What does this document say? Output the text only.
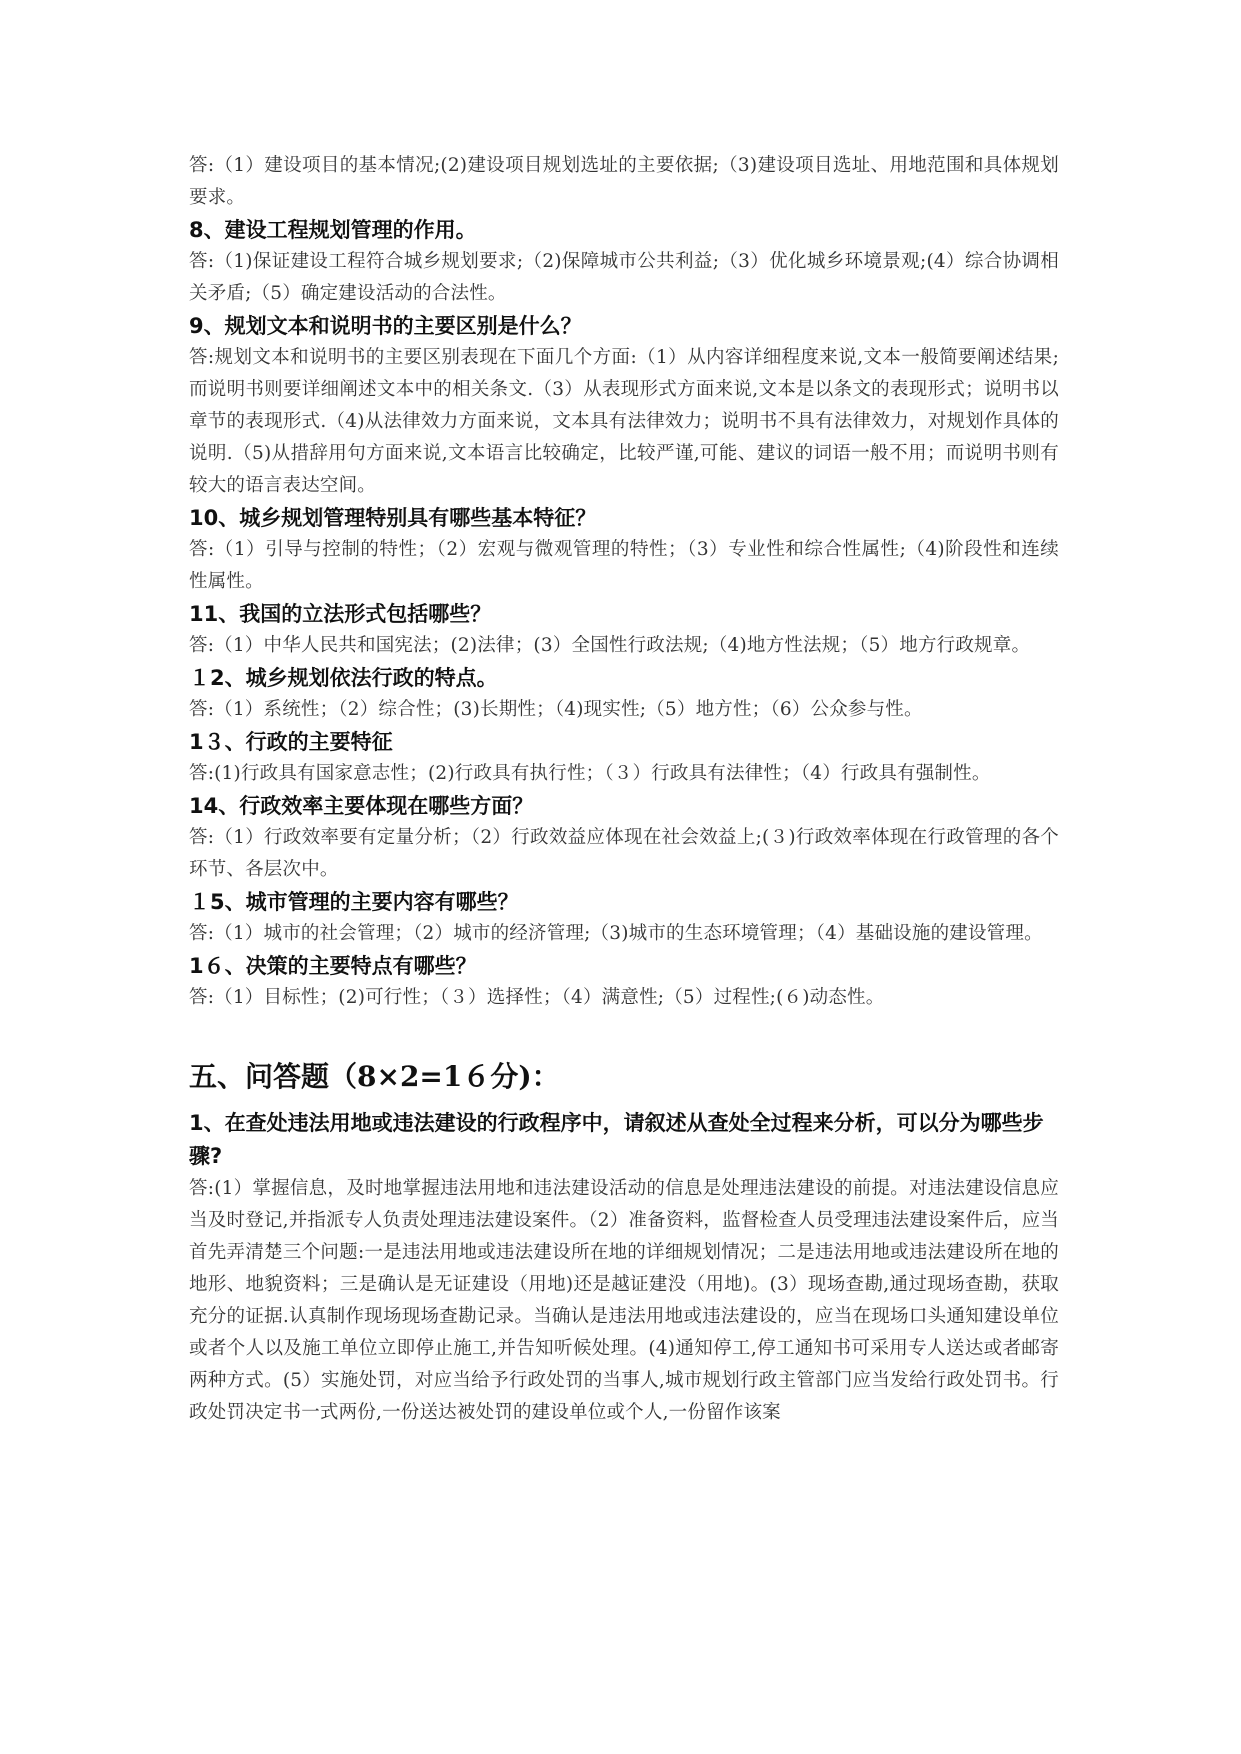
答:（1）建设项目的基本情况;(2)建设项目规划选址的主要依据;（3)建设项目选址、用地范围和具体规划要求。

8、建设工程规划管理的作用。

答:（1)保证建设工程符合城乡规划要求;（2)保障城市公共利益;（3）优化城乡环境景观;(4）综合协调相关矛盾;（5）确定建设活动的合法性。

9、规划文本和说明书的主要区别是什么？

答:规划文本和说明书的主要区别表现在下面几个方面:（1）从内容详细程度来说,文本一般简要阐述结果;而说明书则要详细阐述文本中的相关条文.（3）从表现形式方面来说,文本是以条文的表现形式；说明书以章节的表现形式.（4)从法律效力方面来说，文本具有法律效力；说明书不具有法律效力，对规划作具体的说明.（5)从措辞用句方面来说,文本语言比较确定，比较严谨,可能、建议的词语一般不用；而说明书则有较大的语言表达空间。

10、城乡规划管理特别具有哪些基本特征？

答:（1）引导与控制的特性；（2）宏观与微观管理的特性；（3）专业性和综合性属性;（4)阶段性和连续性属性。

11、我国的立法形式包括哪些？

答:（1）中华人民共和国宪法；(2)法律；(3）全国性行政法规;（4)地方性法规；（5）地方行政规章。

１2、城乡规划依法行政的特点。

答:（1）系统性；（2）综合性；(3)长期性；（4)现实性;（5）地方性；（6）公众参与性。

1３、行政的主要特征

答:(1)行政具有国家意志性；(2)行政具有执行性；（３）行政具有法律性；（4）行政具有强制性。

14、行政效率主要体现在哪些方面？

答:（1）行政效率要有定量分析；（2）行政效益应体现在社会效益上;(３)行政效率体现在行政管理的各个环节、各层次中。

１5、城市管理的主要内容有哪些？

答:（1）城市的社会管理；（2）城市的经济管理;（3)城市的生态环境管理；（4）基础设施的建设管理。

1６、决策的主要特点有哪些？

答:（1）目标性；(2)可行性；（３）选择性；（4）满意性;（5）过程性;(６)动态性。

五、问答题（8×2=1６分)：

1、在查处违法用地或违法建设的行政程序中，请叙述从查处全过程来分析，可以分为哪些步骤?

答:(1）掌握信息，及时地掌握违法用地和违法建设活动的信息是处理违法建设的前提。对违法建设信息应当及时登记,并指派专人负责处理违法建设案件。（2）准备资料，监督检查人员受理违法建设案件后，应当首先弄清楚三个问题:一是违法用地或违法建设所在地的详细规划情况；二是违法用地或违法建设所在地的地形、地貌资料；三是确认是无证建设（用地)还是越证建没（用地)。(3）现场查勘,通过现场查勘，获取充分的证据.认真制作现场现场查勘记录。当确认是违法用地或违法建设的，应当在现场口头通知建设单位或者个人以及施工单位立即停止施工,并告知听候处理。(4)通知停工,停工通知书可采用专人送达或者邮寄两种方式。(5）实施处罚，对应当给予行政处罚的当事人,城市规划行政主管部门应当发给行政处罚书。行政处罚决定书一式两份,一份送达被处罚的建设单位或个人,一份留作该案
